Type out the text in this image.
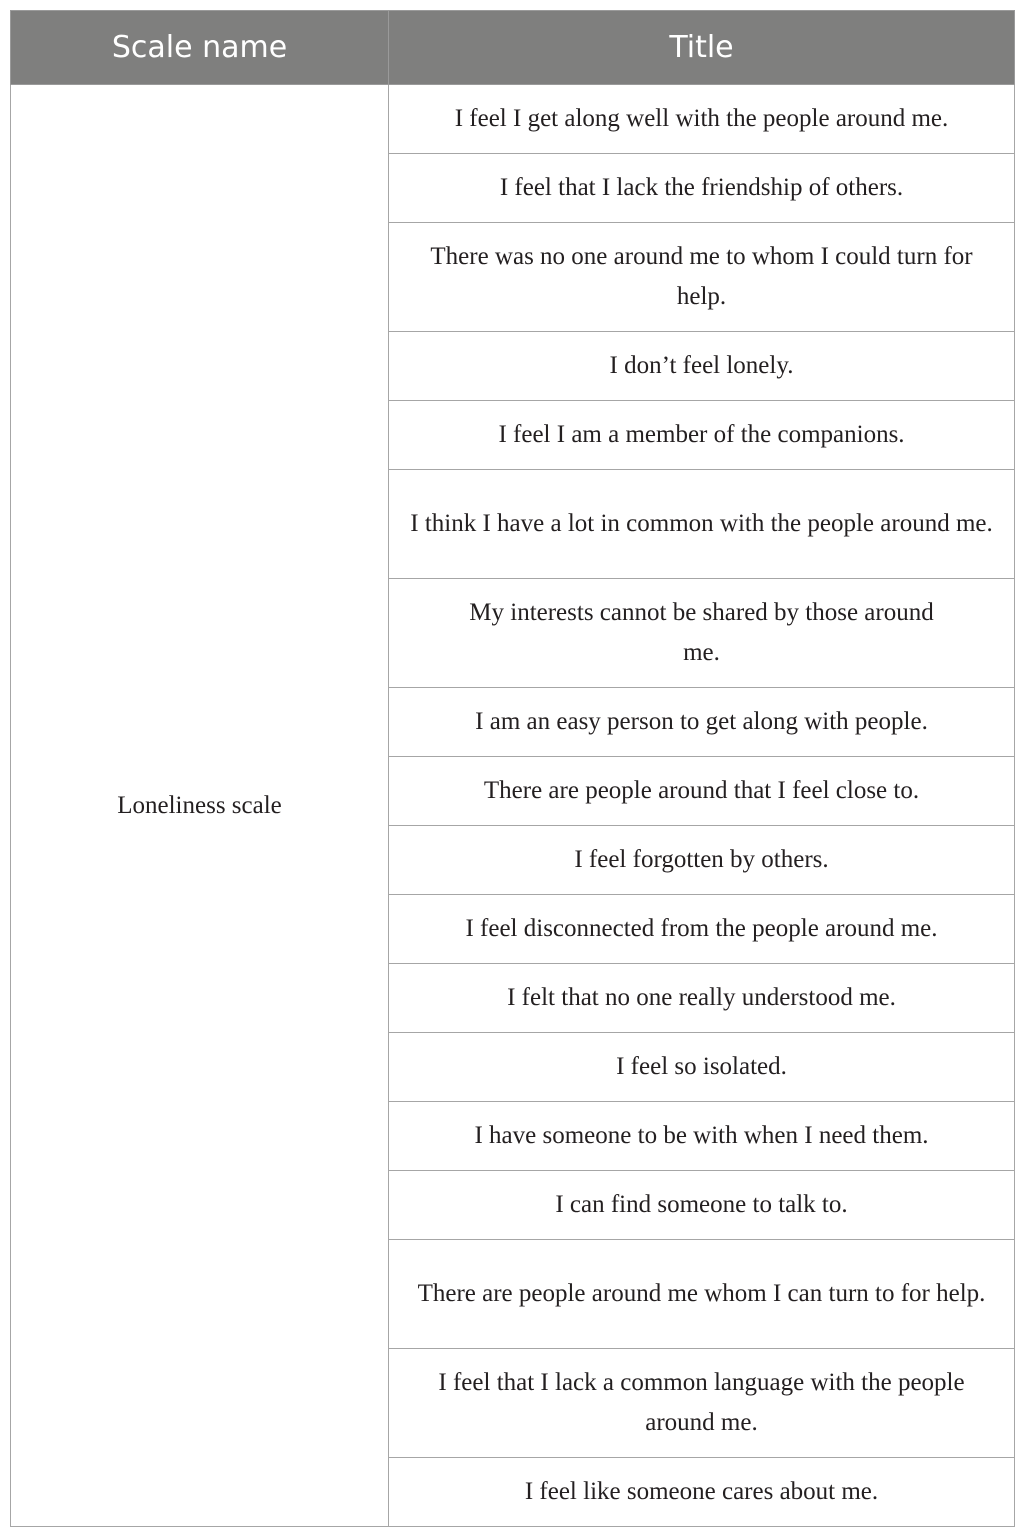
Scale name	Title

Loneliness scale	I feel I get along well with the people around me.

	I feel that I lack the friendship of others.

	There was no one around me to whom I could turn for help.

	I don’t feel lonely.

	I feel I am a member of the companions.

	I think I have a lot in common with the people around me.

	My interests cannot be shared by those around me.

	I am an easy person to get along with people.

	There are people around that I feel close to.

	I feel forgotten by others.

	I feel disconnected from the people around me.

	I felt that no one really understood me.

	I feel so isolated.

	I have someone to be with when I need them.

	I can find someone to talk to.

	There are people around me whom I can turn to for help.

	I feel that I lack a common language with the people around me.

	I feel like someone cares about me.
